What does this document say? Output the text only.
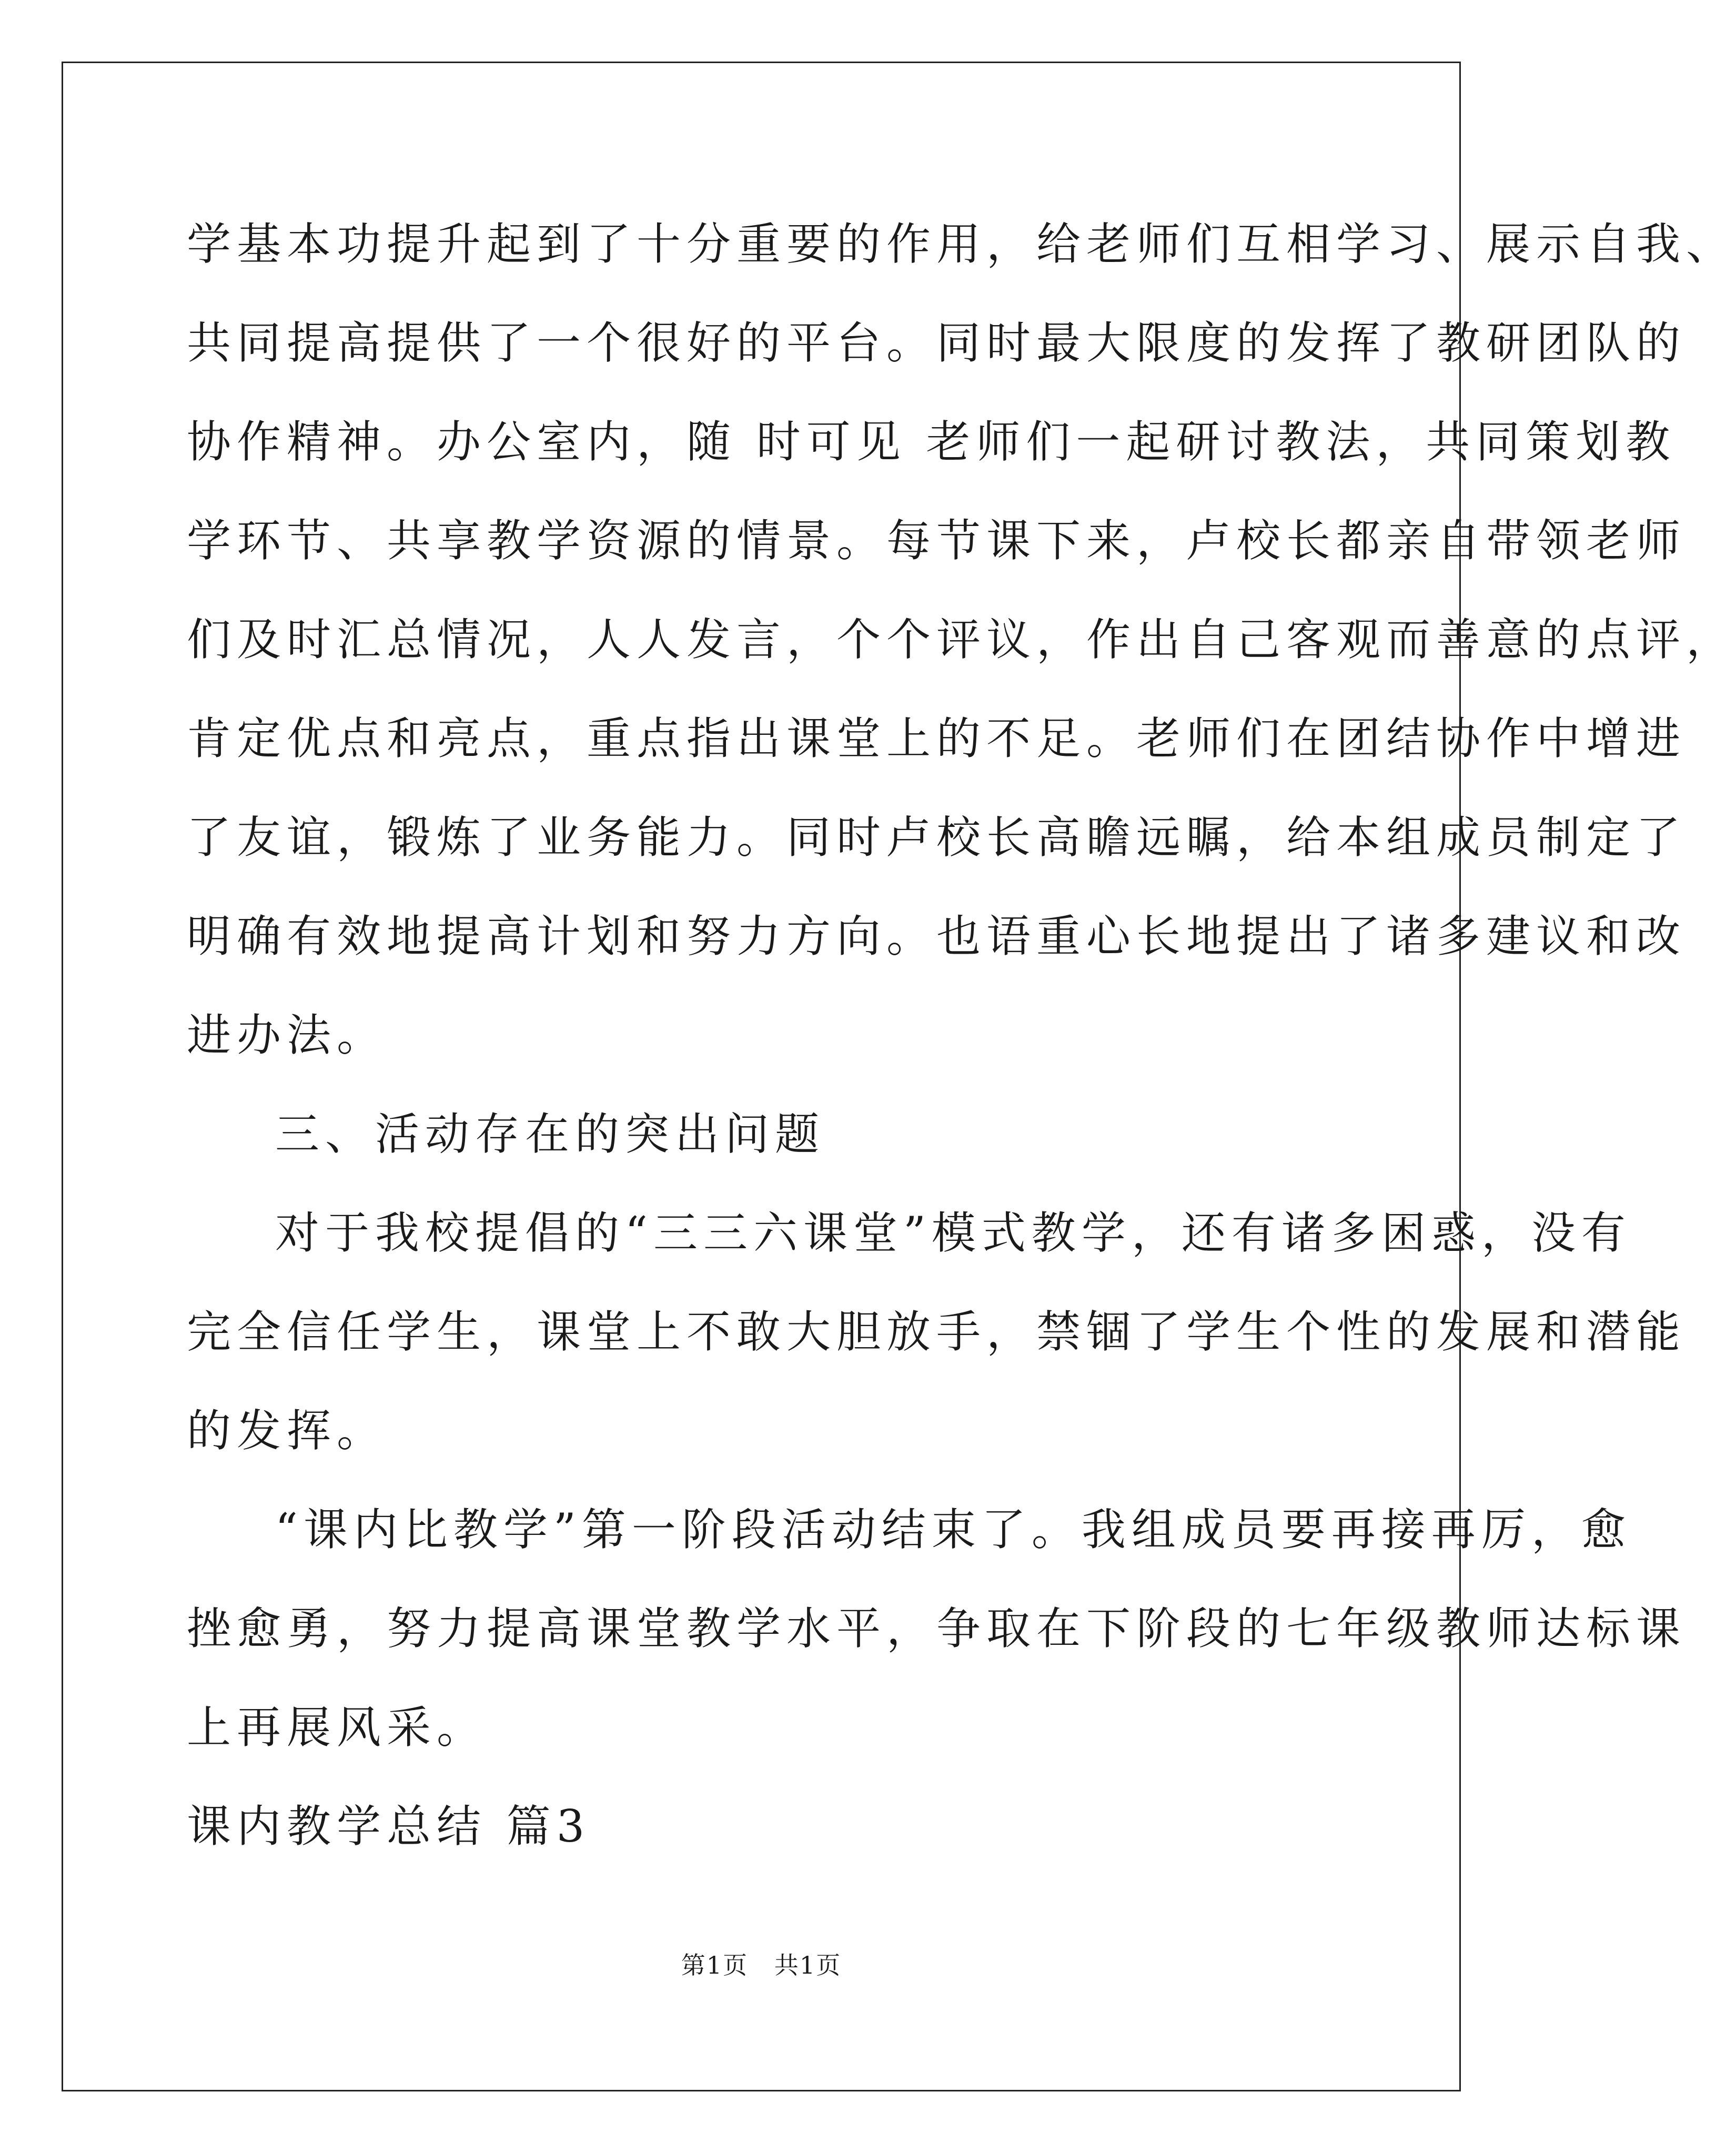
学基本功提升起到了十分重要的作用，给老师们互相学习、展示自我、
共同提高提供了一个很好的平台。同时最大限度的发挥了教研团队的
协作精神。办公室内，随 时可见 老师们一起研讨教法，共同策划教
学环节、共享教学资源的情景。每节课下来，卢校长都亲自带领老师
们及时汇总情况，人人发言，个个评议，作出自己客观而善意的点评，
肯定优点和亮点，重点指出课堂上的不足。老师们在团结协作中增进
了友谊，锻炼了业务能力。同时卢校长高瞻远瞩，给本组成员制定了
明确有效地提高计划和努力方向。也语重心长地提出了诸多建议和改
进办法。
三、活动存在的突出问题
对于我校提倡的“三三六课堂”模式教学，还有诸多困惑，没有
完全信任学生，课堂上不敢大胆放手，禁锢了学生个性的发展和潜能
的发挥。
“课内比教学”第一阶段活动结束了。我组成员要再接再厉，愈
挫愈勇，努力提高课堂教学水平，争取在下阶段的七年级教师达标课
上再展风采。
课内教学总结 篇3
第1页   共1页
